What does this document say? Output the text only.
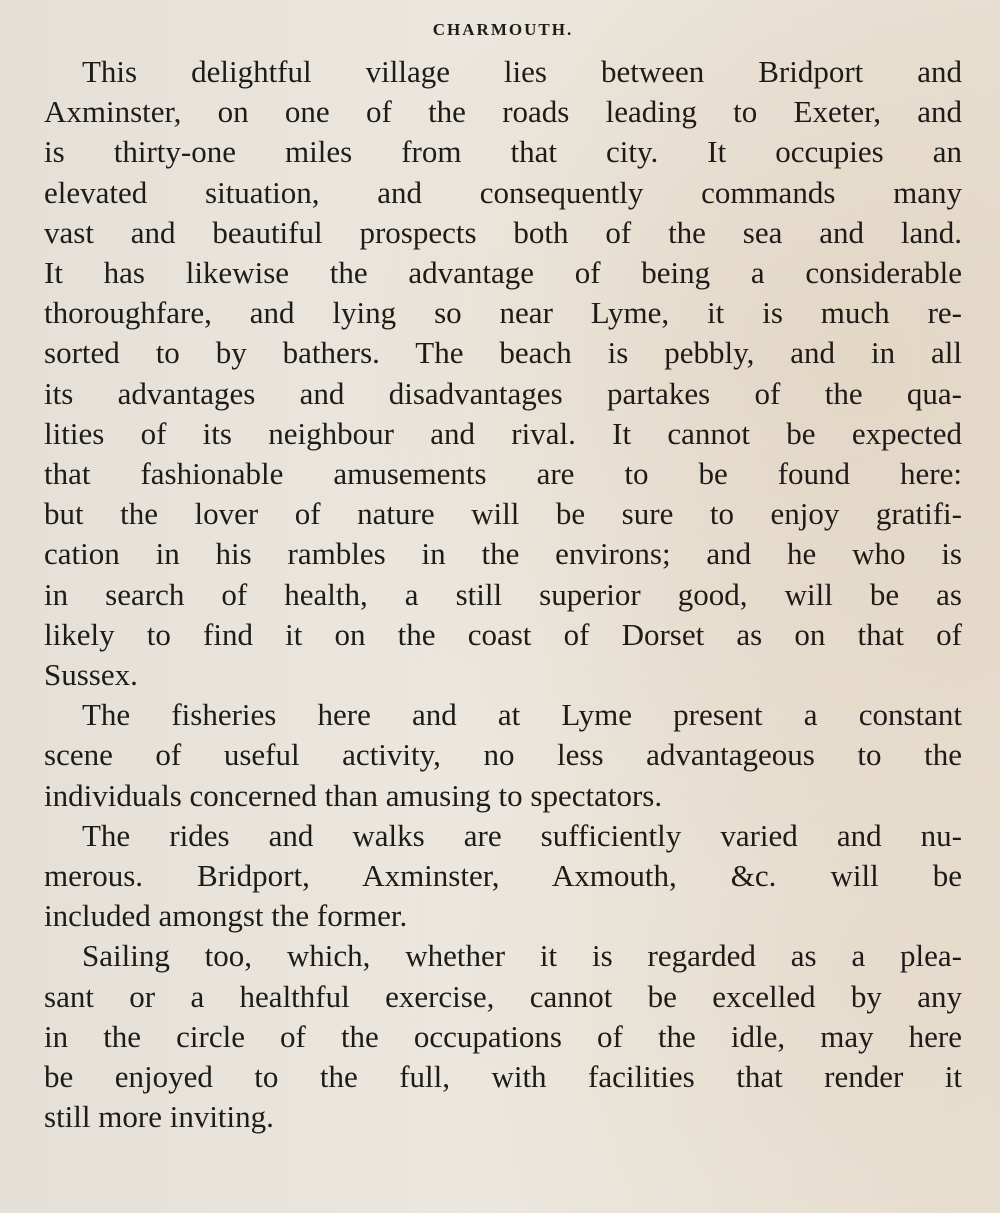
CHARMOUTH.
This delightful village lies between Bridport and
Axminster, on one of the roads leading to Exeter, and
is thirty-one miles from that city. It occupies an
elevated situation, and consequently commands many
vast and beautiful prospects both of the sea and land.
It has likewise the advantage of being a considerable
thoroughfare, and lying so near Lyme, it is much re-
sorted to by bathers. The beach is pebbly, and in all
its advantages and disadvantages partakes of the qua-
lities of its neighbour and rival. It cannot be expected
that fashionable amusements are to be found here:
but the lover of nature will be sure to enjoy gratifi-
cation in his rambles in the environs; and he who is
in search of health, a still superior good, will be as
likely to find it on the coast of Dorset as on that of
Sussex.
The fisheries here and at Lyme present a constant
scene of useful activity, no less advantageous to the
individuals concerned than amusing to spectators.
The rides and walks are sufficiently varied and nu-
merous. Bridport, Axminster, Axmouth, &c. will be
included amongst the former.
Sailing too, which, whether it is regarded as a plea-
sant or a healthful exercise, cannot be excelled by any
in the circle of the occupations of the idle, may here
be enjoyed to the full, with facilities that render it
still more inviting.
